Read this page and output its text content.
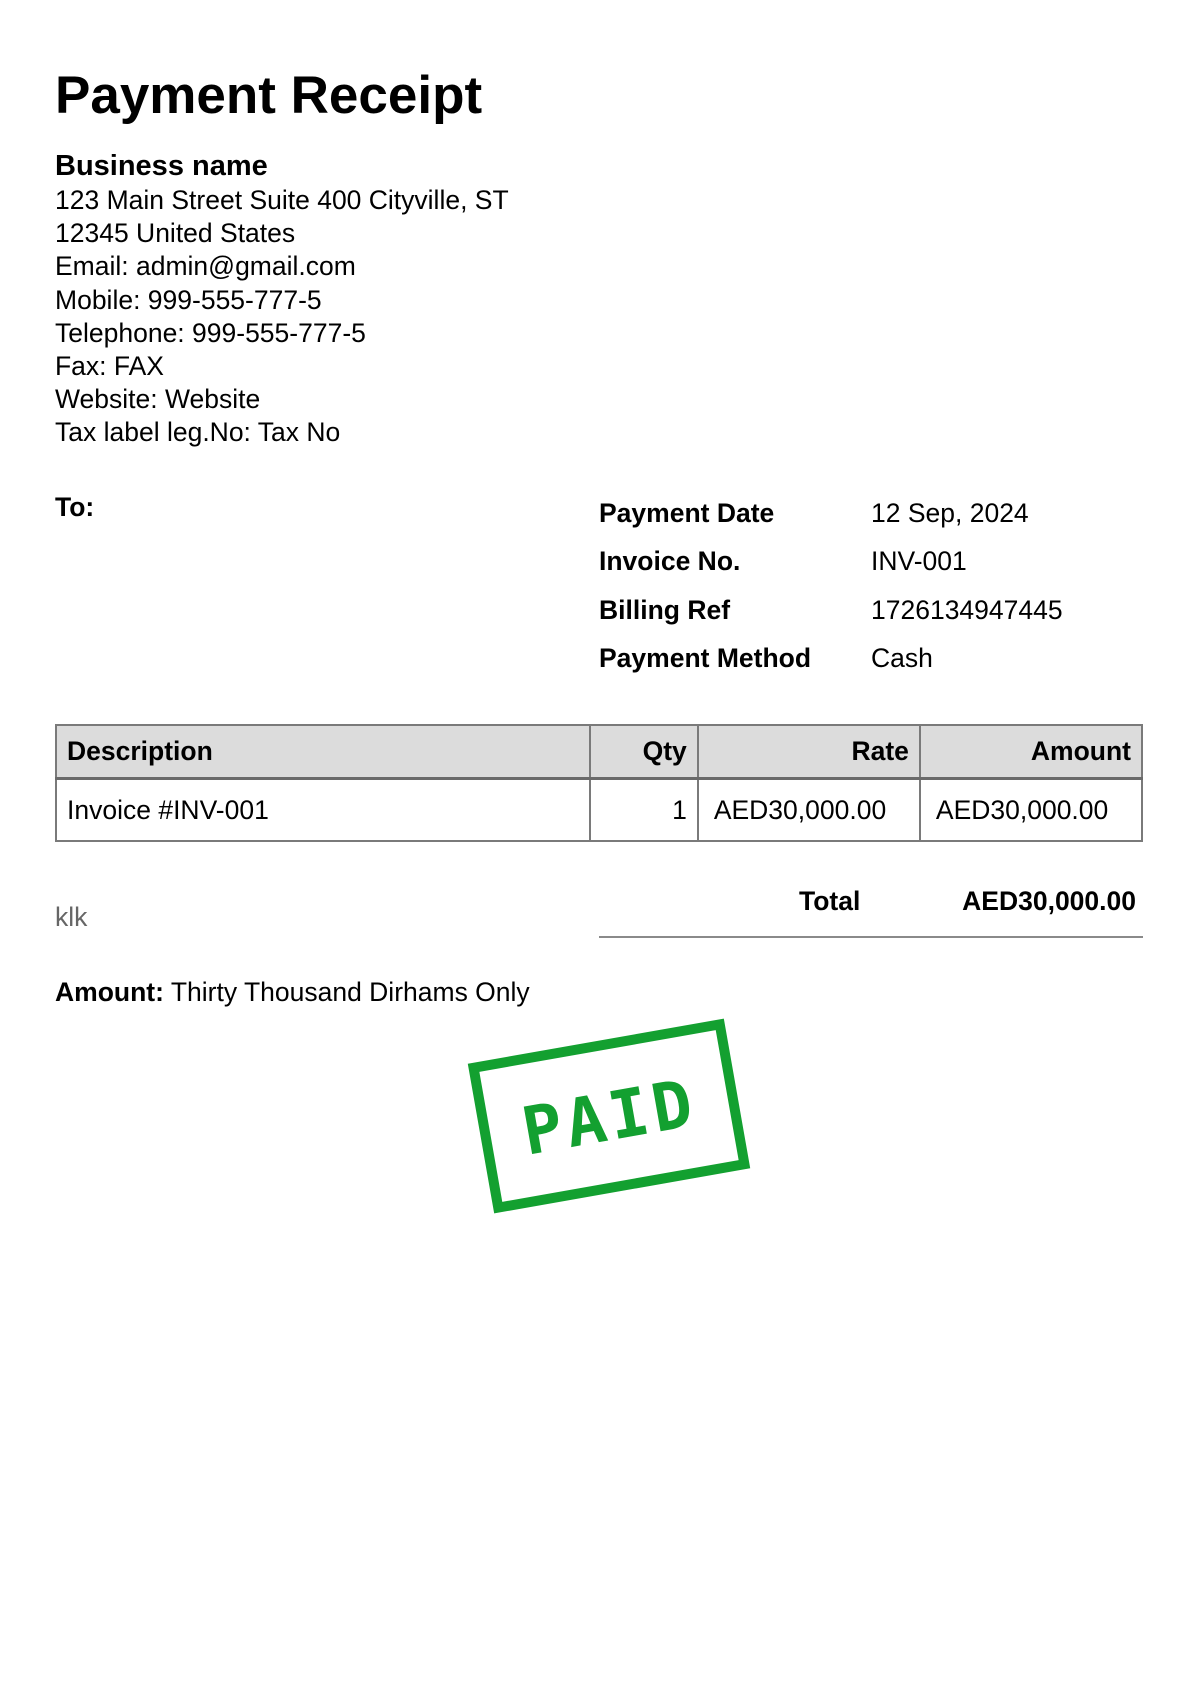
Payment Receipt
Business name
123 Main Street Suite 400 Cityville, ST
12345 United States
Email: admin@gmail.com
Mobile: 999-555-777-5
Telephone: 999-555-777-5
Fax: FAX
Website: Website
Tax label leg.No: Tax No
To:	Payment Date	12 Sep, 2024
Invoice No.	INV-001
Billing Ref	1726134947445
Payment Method Cash
Description	Qty	Rate	Amount
Invoice #INV-001	1	AED30,000.00	AED30,000.00
klk
Total	AED30,000.00
Amount: Thirty Thousand Dirhams Only
PAID
